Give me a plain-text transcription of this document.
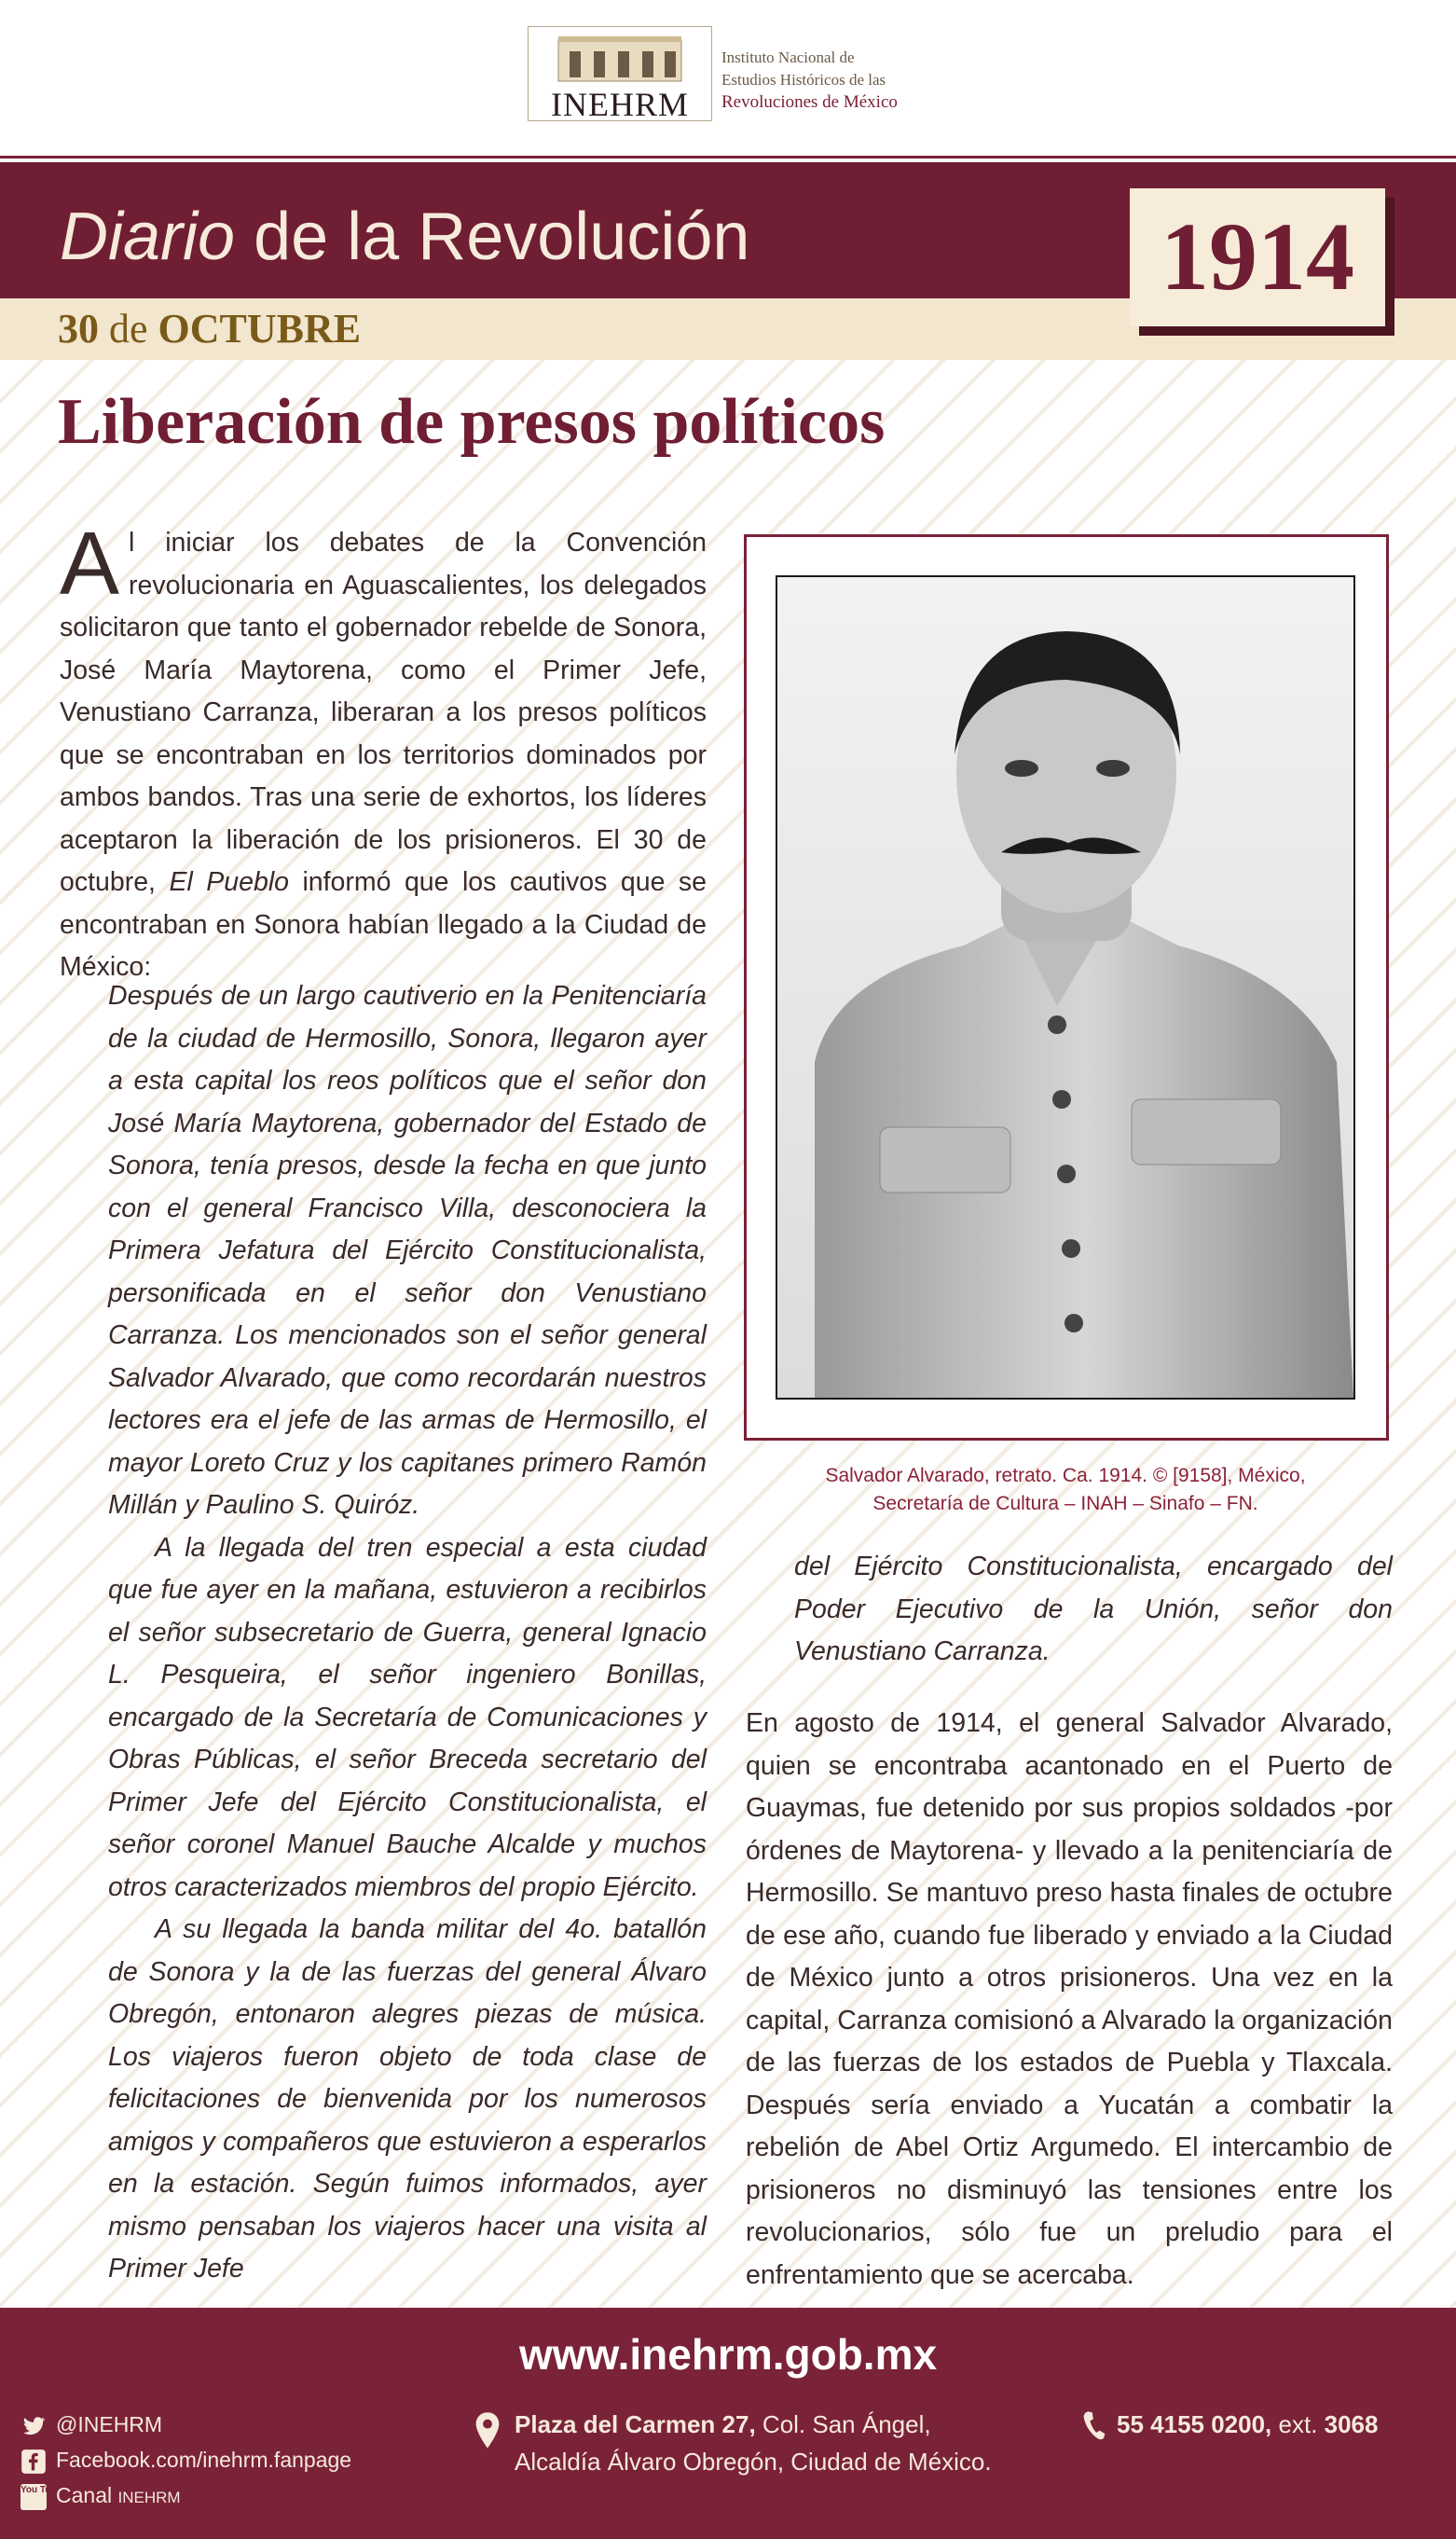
INEHRM
Instituto Nacional de
Estudios Históricos de las
Revoluciones de México
Diario de la Revolución
30 de OCTUBRE
1914
Liberación de presos políticos
Al iniciar los debates de la Convención revolucionaria en Aguascalientes, los delegados solicitaron que tanto el gobernador rebelde de Sonora, José María Maytorena, como el Primer Jefe, Venustiano Carranza, liberaran a los presos políticos que se encontraban en los territorios dominados por ambos bandos. Tras una serie de exhortos, los líderes aceptaron la liberación de los prisioneros. El 30 de octubre, El Pueblo informó que los cautivos que se encontraban en Sonora habían llegado a la Ciudad de México:

Después de un largo cautiverio en la Penitenciaría de la ciudad de Hermosillo, Sonora, llegaron ayer a esta capital los reos políticos que el señor don José María Maytorena, gobernador del Estado de Sonora, tenía presos, desde la fecha en que junto con el general Francisco Villa, desconociera la Primera Jefatura del Ejército Constitucionalista, personificada en el señor don Venustiano Carranza. Los mencionados son el señor general Salvador Alvarado, que como recordarán nuestros lectores era el jefe de las armas de Hermosillo, el mayor Loreto Cruz y los capitanes primero Ramón Millán y Paulino S. Quiróz.

A la llegada del tren especial a esta ciudad que fue ayer en la mañana, estuvieron a recibirlos el señor subsecretario de Guerra, general Ignacio L. Pesqueira, el señor ingeniero Bonillas, encargado de la Secretaría de Comunicaciones y Obras Públicas, el señor Breceda secretario del Primer Jefe del Ejército Constitucionalista, el señor coronel Manuel Bauche Alcalde y muchos otros caracterizados miembros del propio Ejército.

A su llegada la banda militar del 4o. batallón de Sonora y la de las fuerzas del general Álvaro Obregón, entonaron alegres piezas de música. Los viajeros fueron objeto de toda clase de felicitaciones de bienvenida por los numerosos amigos y compañeros que estuvieron a esperarlos en la estación. Según fuimos informados, ayer mismo pensaban los viajeros hacer una visita al Primer Jefe

Salvador Alvarado, retrato. Ca. 1914. © [9158], México,
Secretaría de Cultura – INAH – Sinafo – FN.

del Ejército Constitucionalista, encargado del Poder Ejecutivo de la Unión, señor don Venustiano Carranza.

En agosto de 1914, el general Salvador Alvarado, quien se encontraba acantonado en el Puerto de Guaymas, fue detenido por sus propios soldados -por órdenes de Maytorena- y llevado a la penitenciaría de Hermosillo. Se mantuvo preso hasta finales de octubre de ese año, cuando fue liberado y enviado a la Ciudad de México junto a otros prisioneros. Una vez en la capital, Carranza comisionó a Alvarado la organización de las fuerzas de los estados de Puebla y Tlaxcala. Después sería enviado a Yucatán a combatir la rebelión de Abel Ortiz Argumedo. El intercambio de prisioneros no disminuyó las tensiones entre los revolucionarios, sólo fue un preludio para el enfrentamiento que se acercaba.

www.inehrm.gob.mx
@INEHRM
Facebook.com/inehrm.fanpage
You TubeCanal INEHRM
Plaza del Carmen 27, Col. San Ángel,
Alcaldía Álvaro Obregón, Ciudad de México.
55 4155 0200, ext. 3068
